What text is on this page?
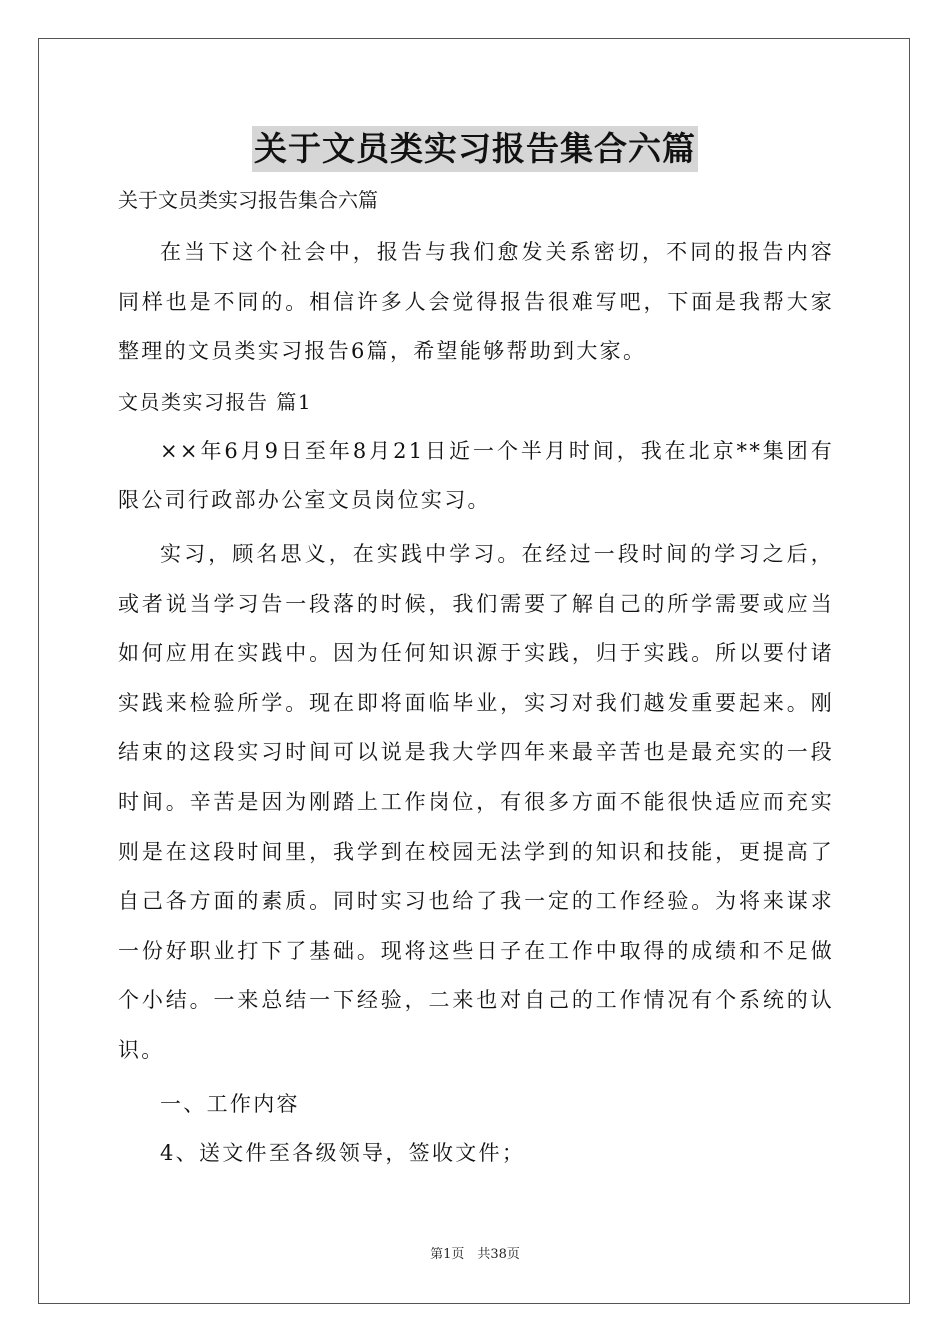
关于文员类实习报告集合六篇

关于文员类实习报告集合六篇

在当下这个社会中，报告与我们愈发关系密切，不同的报告内容同样也是不同的。相信许多人会觉得报告很难写吧，下面是我帮大家整理的文员类实习报告6篇，希望能够帮助到大家。

文员类实习报告 篇1

××年6月9日至年8月21日近一个半月时间，我在北京**集团有限公司行政部办公室文员岗位实习。

实习，顾名思义，在实践中学习。在经过一段时间的学习之后，或者说当学习告一段落的时候，我们需要了解自己的所学需要或应当如何应用在实践中。因为任何知识源于实践，归于实践。所以要付诸实践来检验所学。现在即将面临毕业，实习对我们越发重要起来。刚结束的这段实习时间可以说是我大学四年来最辛苦也是最充实的一段时间。辛苦是因为刚踏上工作岗位，有很多方面不能很快适应而充实则是在这段时间里，我学到在校园无法学到的知识和技能，更提高了自己各方面的素质。同时实习也给了我一定的工作经验。为将来谋求一份好职业打下了基础。现将这些日子在工作中取得的成绩和不足做个小结。一来总结一下经验，二来也对自己的工作情况有个系统的认识。

一、工作内容

4、送文件至各级领导，签收文件；

第1页　共38页
